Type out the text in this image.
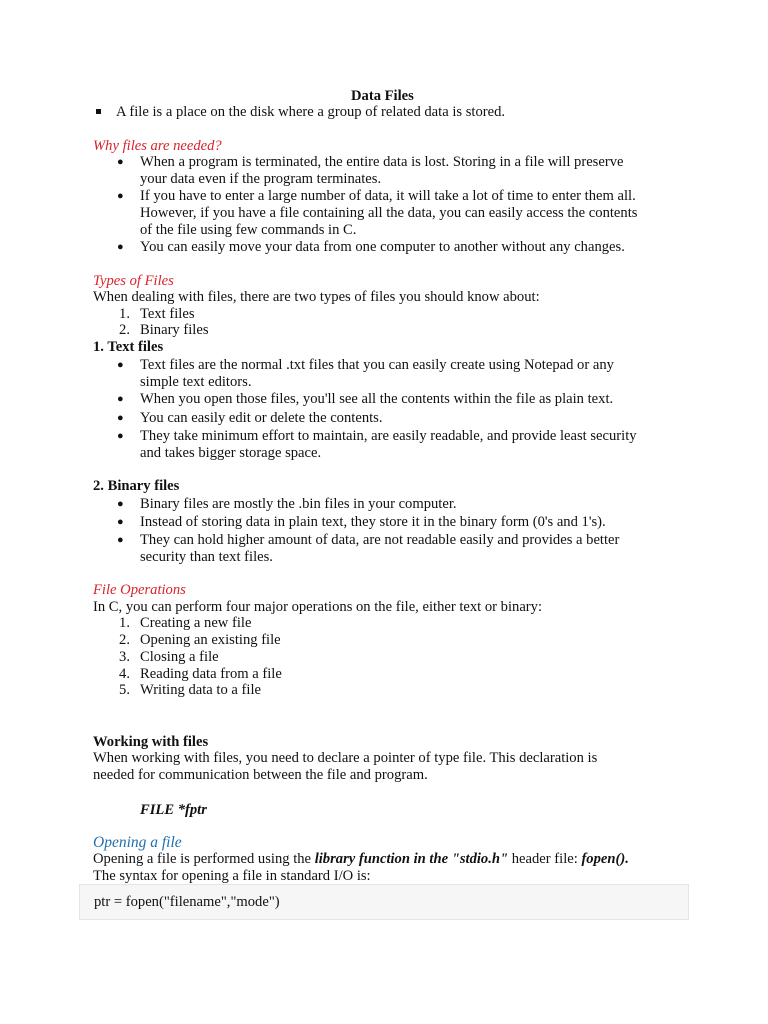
Data Files
A file is a place on the disk where a group of related data is stored.
Why files are needed?
● When a program is terminated, the entire data is lost. Storing in a file will preserve
your data even if the program terminates.
● If you have to enter a large number of data, it will take a lot of time to enter them all.
However, if you have a file containing all the data, you can easily access the contents
of the file using few commands in C.
● You can easily move your data from one computer to another without any changes.
Types of Files
When dealing with files, there are two types of files you should know about:
1. Text files
2. Binary files
1. Text files
● Text files are the normal .txt files that you can easily create using Notepad or any
simple text editors.
● When you open those files, you'll see all the contents within the file as plain text.
● You can easily edit or delete the contents.
● They take minimum effort to maintain, are easily readable, and provide least security
and takes bigger storage space.
2. Binary files
● Binary files are mostly the .bin files in your computer.
● Instead of storing data in plain text, they store it in the binary form (0's and 1's).
● They can hold higher amount of data, are not readable easily and provides a better
security than text files.
File Operations
In C, you can perform four major operations on the file, either text or binary:
1. Creating a new file
2. Opening an existing file
3. Closing a file
4. Reading data from a file
5. Writing data to a file
Working with files
When working with files, you need to declare a pointer of type file. This declaration is
needed for communication between the file and program.
FILE *fptr
Opening a file
Opening a file is performed using the library function in the "stdio.h" header file: fopen().
The syntax for opening a file in standard I/O is:
ptr = fopen("filename","mode")
